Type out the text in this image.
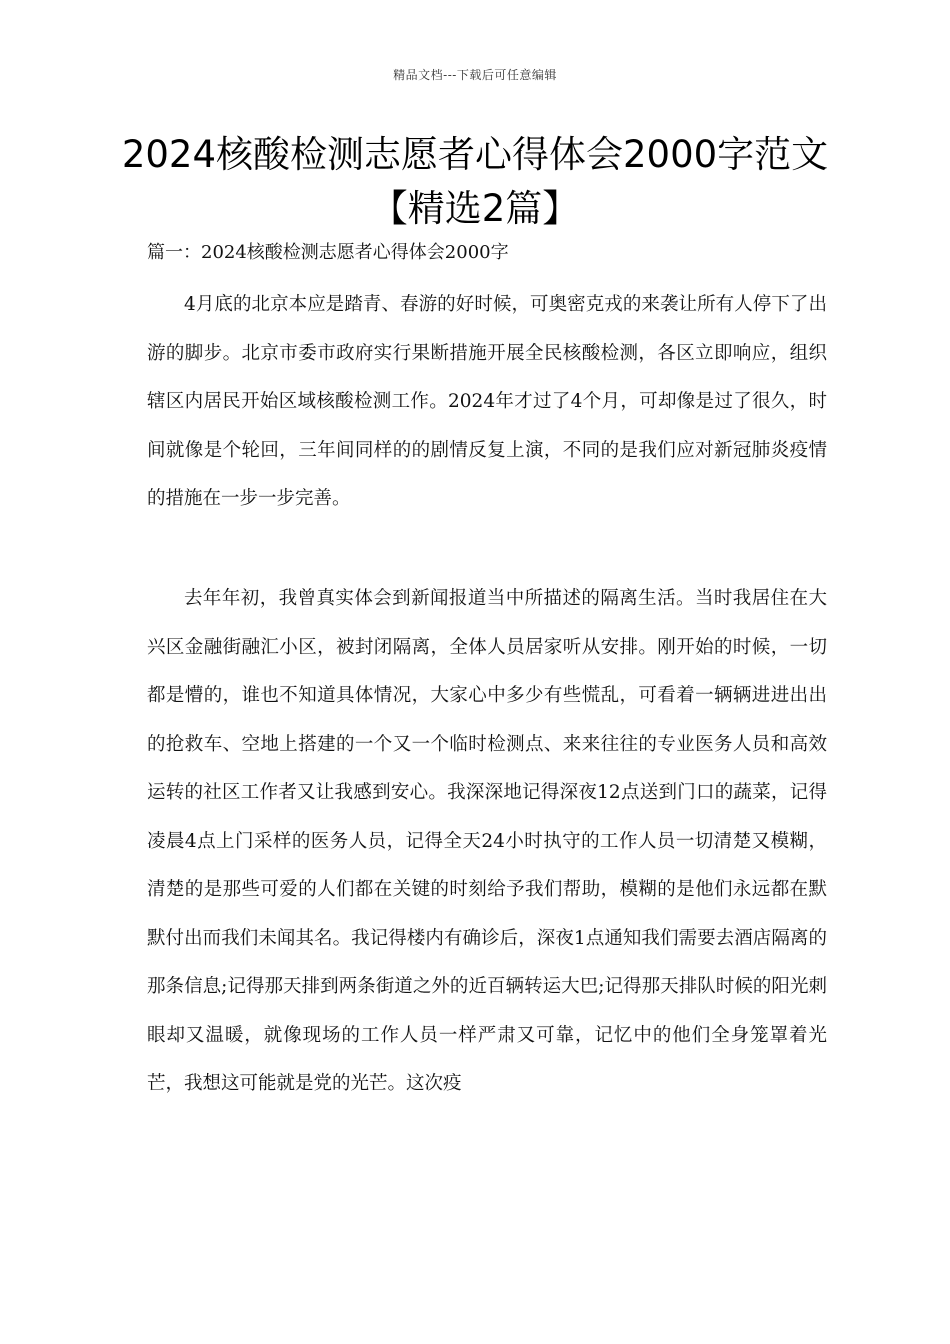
精品文档---下载后可任意编辑
2024核酸检测志愿者心得体会2000字范文【精选2篇】

篇一：2024核酸检测志愿者心得体会2000字

4月底的北京本应是踏青、春游的好时候，可奥密克戎的来袭让所有人停下了出游的脚步。北京市委市政府实行果断措施开展全民核酸检测，各区立即响应，组织辖区内居民开始区域核酸检测工作。2024年才过了4个月，可却像是过了很久，时间就像是个轮回，三年间同样的的剧情反复上演，不同的是我们应对新冠肺炎疫情的措施在一步一步完善。

去年年初，我曾真实体会到新闻报道当中所描述的隔离生活。当时我居住在大兴区金融街融汇小区，被封闭隔离，全体人员居家听从安排。刚开始的时候，一切都是懵的，谁也不知道具体情况，大家心中多少有些慌乱，可看着一辆辆进进出出的抢救车、空地上搭建的一个又一个临时检测点、来来往往的专业医务人员和高效运转的社区工作者又让我感到安心。我深深地记得深夜12点送到门口的蔬菜，记得凌晨4点上门采样的医务人员，记得全天24小时执守的工作人员一切清楚又模糊，清楚的是那些可爱的人们都在关键的时刻给予我们帮助，模糊的是他们永远都在默默付出而我们未闻其名。我记得楼内有确诊后，深夜1点通知我们需要去酒店隔离的那条信息;记得那天排到两条街道之外的近百辆转运大巴;记得那天排队时候的阳光刺眼却又温暖，就像现场的工作人员一样严肃又可靠，记忆中的他们全身笼罩着光芒，我想这可能就是党的光芒。这次疫
